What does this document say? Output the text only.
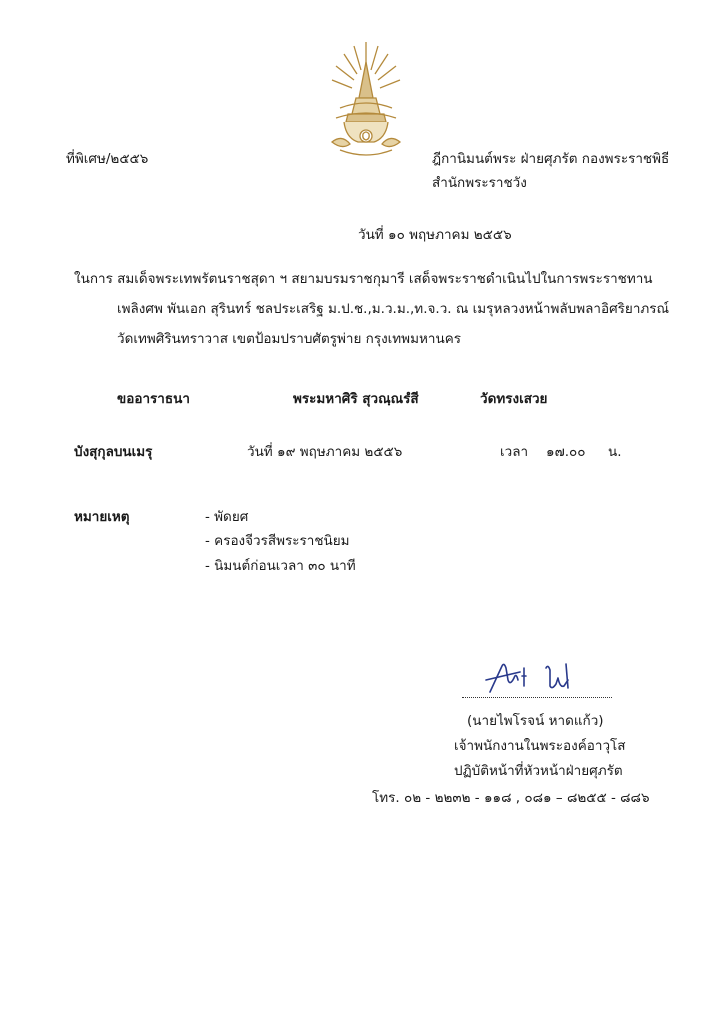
ที่พิเศษ/๒๕๕๖	ฎีกานิมนต์พระ ฝ่ายศุภรัต กองพระราชพิธี
สำนักพระราชวัง
วันที่ ๑๐ พฤษภาคม ๒๕๕๖
ในการ สมเด็จพระเทพรัตนราชสุดา ฯ สยามบรมราชกุมารี เสด็จพระราชดำเนินไปในการพระราชทาน
เพลิงศพ พันเอก สุรินทร์ ชลประเสริฐ ม.ป.ช.,ม.ว.ม.,ท.จ.ว. ณ เมรุหลวงหน้าพลับพลาอิศริยาภรณ์
วัดเทพศิรินทราวาส เขตป้อมปราบศัตรูพ่าย กรุงเทพมหานคร
ขออาราธนา	พระมหาศิริ สุวณฺณรํสี	วัดทรงเสวย
บังสุกุลบนเมรุ	วันที่ ๑๙ พฤษภาคม ๒๕๕๖	เวลา ๑๗.๐๐ น.
หมายเหตุ	- พัดยศ
- ครองจีวรสีพระราชนิยม
- นิมนต์ก่อนเวลา ๓๐ นาที
(นายไพโรจน์ หาดแก้ว)
เจ้าพนักงานในพระองค์อาวุโส
ปฏิบัติหน้าที่หัวหน้าฝ่ายศุภรัต
โทร. ๐๒ - ๒๒๓๒ - ๑๑๘ , ๐๘๑ – ๘๒๕๕ - ๘๘๖
